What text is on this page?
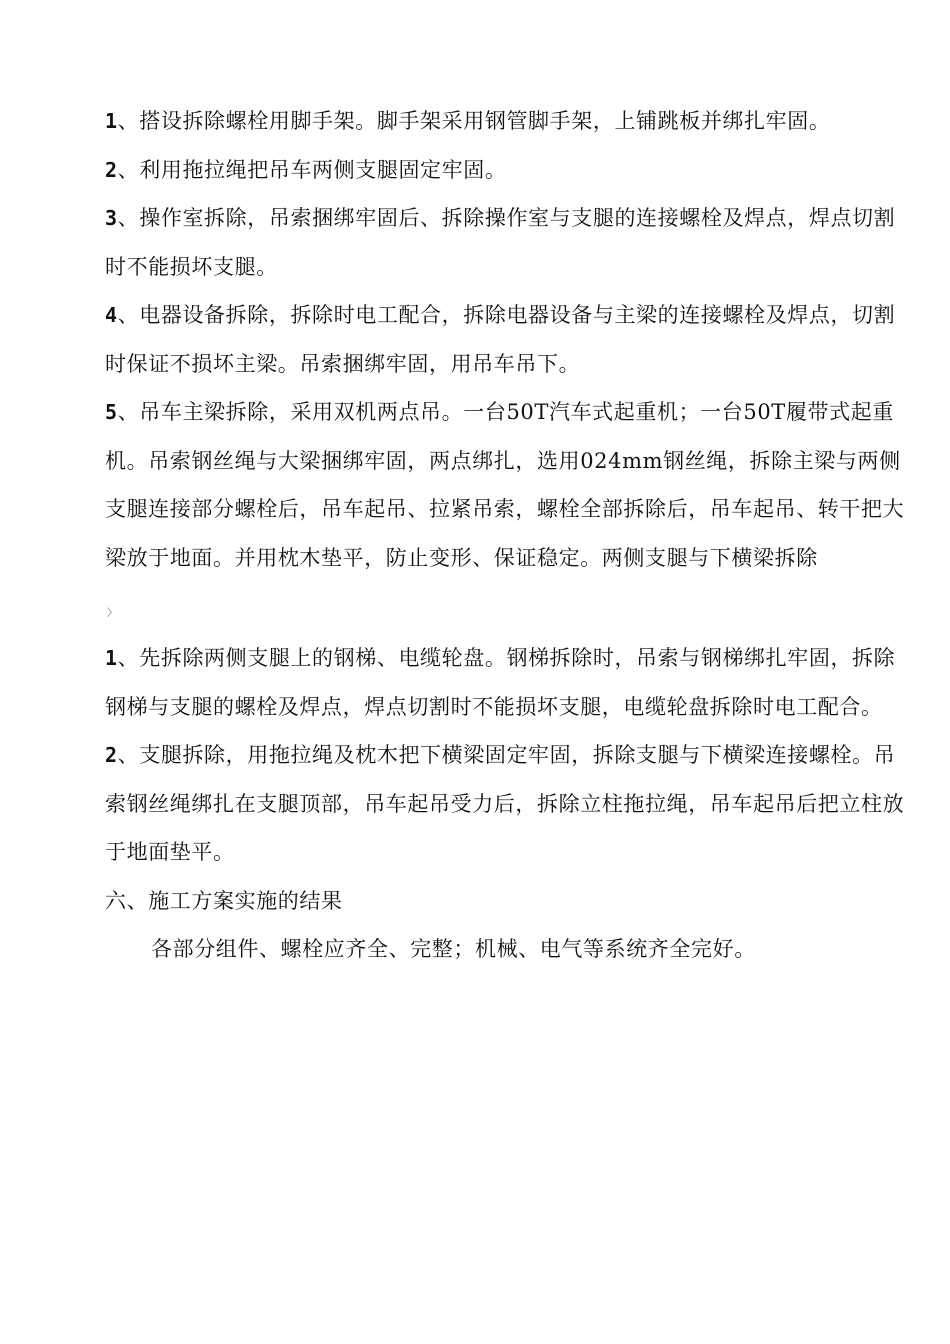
1、搭设拆除螺栓用脚手架。脚手架采用钢管脚手架，上铺跳板并绑扎牢固。

2、利用拖拉绳把吊车两侧支腿固定牢固。

3、操作室拆除，吊索捆绑牢固后、拆除操作室与支腿的连接螺栓及焊点，焊点切割时不能损坏支腿。

4、电器设备拆除，拆除时电工配合，拆除电器设备与主梁的连接螺栓及焊点，切割时保证不损坏主梁。吊索捆绑牢固，用吊车吊下。

5、吊车主梁拆除，采用双机两点吊。一台50T汽车式起重机；一台50T履带式起重机。吊索钢丝绳与大梁捆绑牢固，两点绑扎，选用024mm钢丝绳，拆除主梁与两侧支腿连接部分螺栓后，吊车起吊、拉紧吊索，螺栓全部拆除后，吊车起吊、转干把大梁放于地面。并用枕木垫平，防止变形、保证稳定。两侧支腿与下横梁拆除

〉

1、先拆除两侧支腿上的钢梯、电缆轮盘。钢梯拆除时，吊索与钢梯绑扎牢固，拆除钢梯与支腿的螺栓及焊点，焊点切割时不能损坏支腿，电缆轮盘拆除时电工配合。

2、支腿拆除，用拖拉绳及枕木把下横梁固定牢固，拆除支腿与下横梁连接螺栓。吊索钢丝绳绑扎在支腿顶部，吊车起吊受力后，拆除立柱拖拉绳，吊车起吊后把立柱放于地面垫平。

六、施工方案实施的结果

各部分组件、螺栓应齐全、完整；机械、电气等系统齐全完好。
